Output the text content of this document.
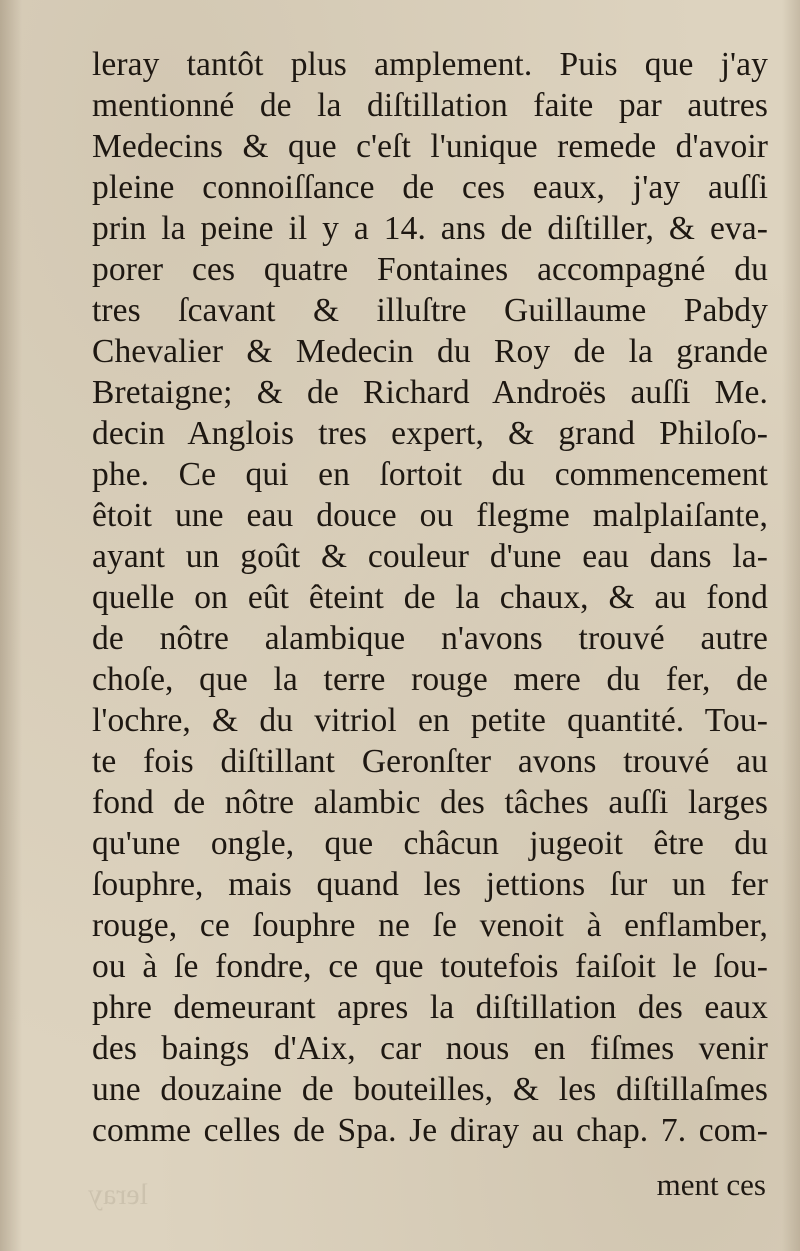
leray tantôt plus amplement. Puis que j'ay
mentionné de la diſtillation faite par autres
Medecins & que c'eſt l'unique remede d'avoir
pleine connoiſſance de ces eaux, j'ay auſſi
prin la peine il y a 14. ans de diſtiller, & eva-
porer ces quatre Fontaines accompagné du
tres ſcavant & illuſtre Guillaume Pabdy
Chevalier & Medecin du Roy de la grande
Bretaigne; & de Richard Androës auſſi Me.
decin Anglois tres expert, & grand Philoſo-
phe. Ce qui en ſortoit du commencement
êtoit une eau douce ou flegme malplaiſante,
ayant un goût & couleur d'une eau dans la-
quelle on eût êteint de la chaux, & au fond
de nôtre alambique n'avons trouvé autre
choſe, que la terre rouge mere du fer, de
l'ochre, & du vitriol en petite quantité. Tou-
te fois diſtillant Geronſter avons trouvé au
fond de nôtre alambic des tâches auſſi larges
qu'une ongle, que châcun jugeoit être du
ſouphre, mais quand les jettions ſur un fer
rouge, ce ſouphre ne ſe venoit à enflamber,
ou à ſe fondre, ce que toutefois faiſoit le ſou-
phre demeurant apres la diſtillation des eaux
des baings d'Aix, car nous en fiſmes venir
une douzaine de bouteilles, & les diſtillaſmes
comme celles de Spa. Je diray au chap. 7. com-
ment ces
leray
